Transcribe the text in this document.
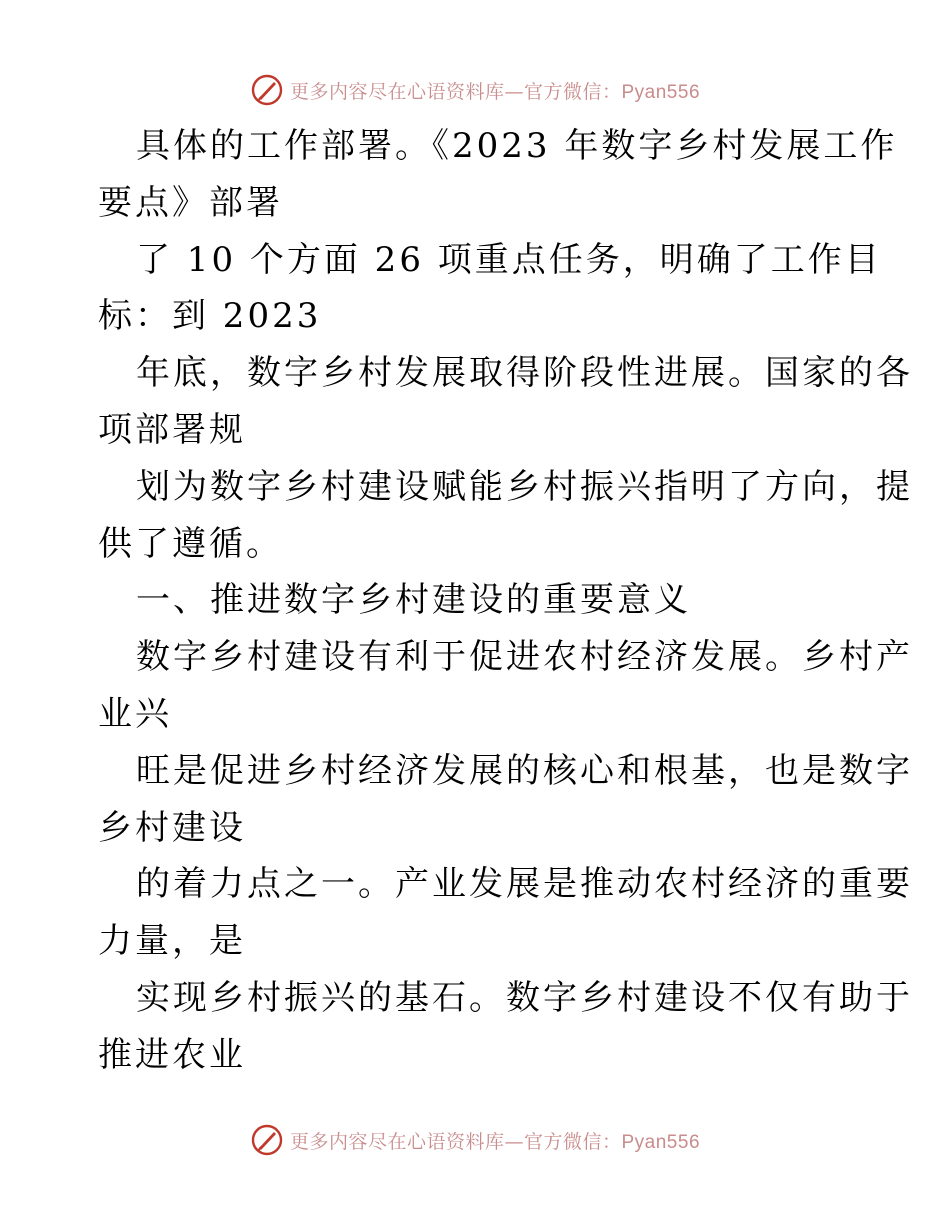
更多内容尽在心语资料库—官方微信：Pyan556
具体的工作部署。《2023 年数字乡村发展工作
要点》部署
了 10 个方面 26 项重点任务，明确了工作目
标：到 2023
年底，数字乡村发展取得阶段性进展。国家的各
项部署规
划为数字乡村建设赋能乡村振兴指明了方向，提
供了遵循。
一、推进数字乡村建设的重要意义
数字乡村建设有利于促进农村经济发展。乡村产
业兴
旺是促进乡村经济发展的核心和根基，也是数字
乡村建设
的着力点之一。产业发展是推动农村经济的重要
力量，是
实现乡村振兴的基石。数字乡村建设不仅有助于
推进农业
更多内容尽在心语资料库—官方微信：Pyan556
